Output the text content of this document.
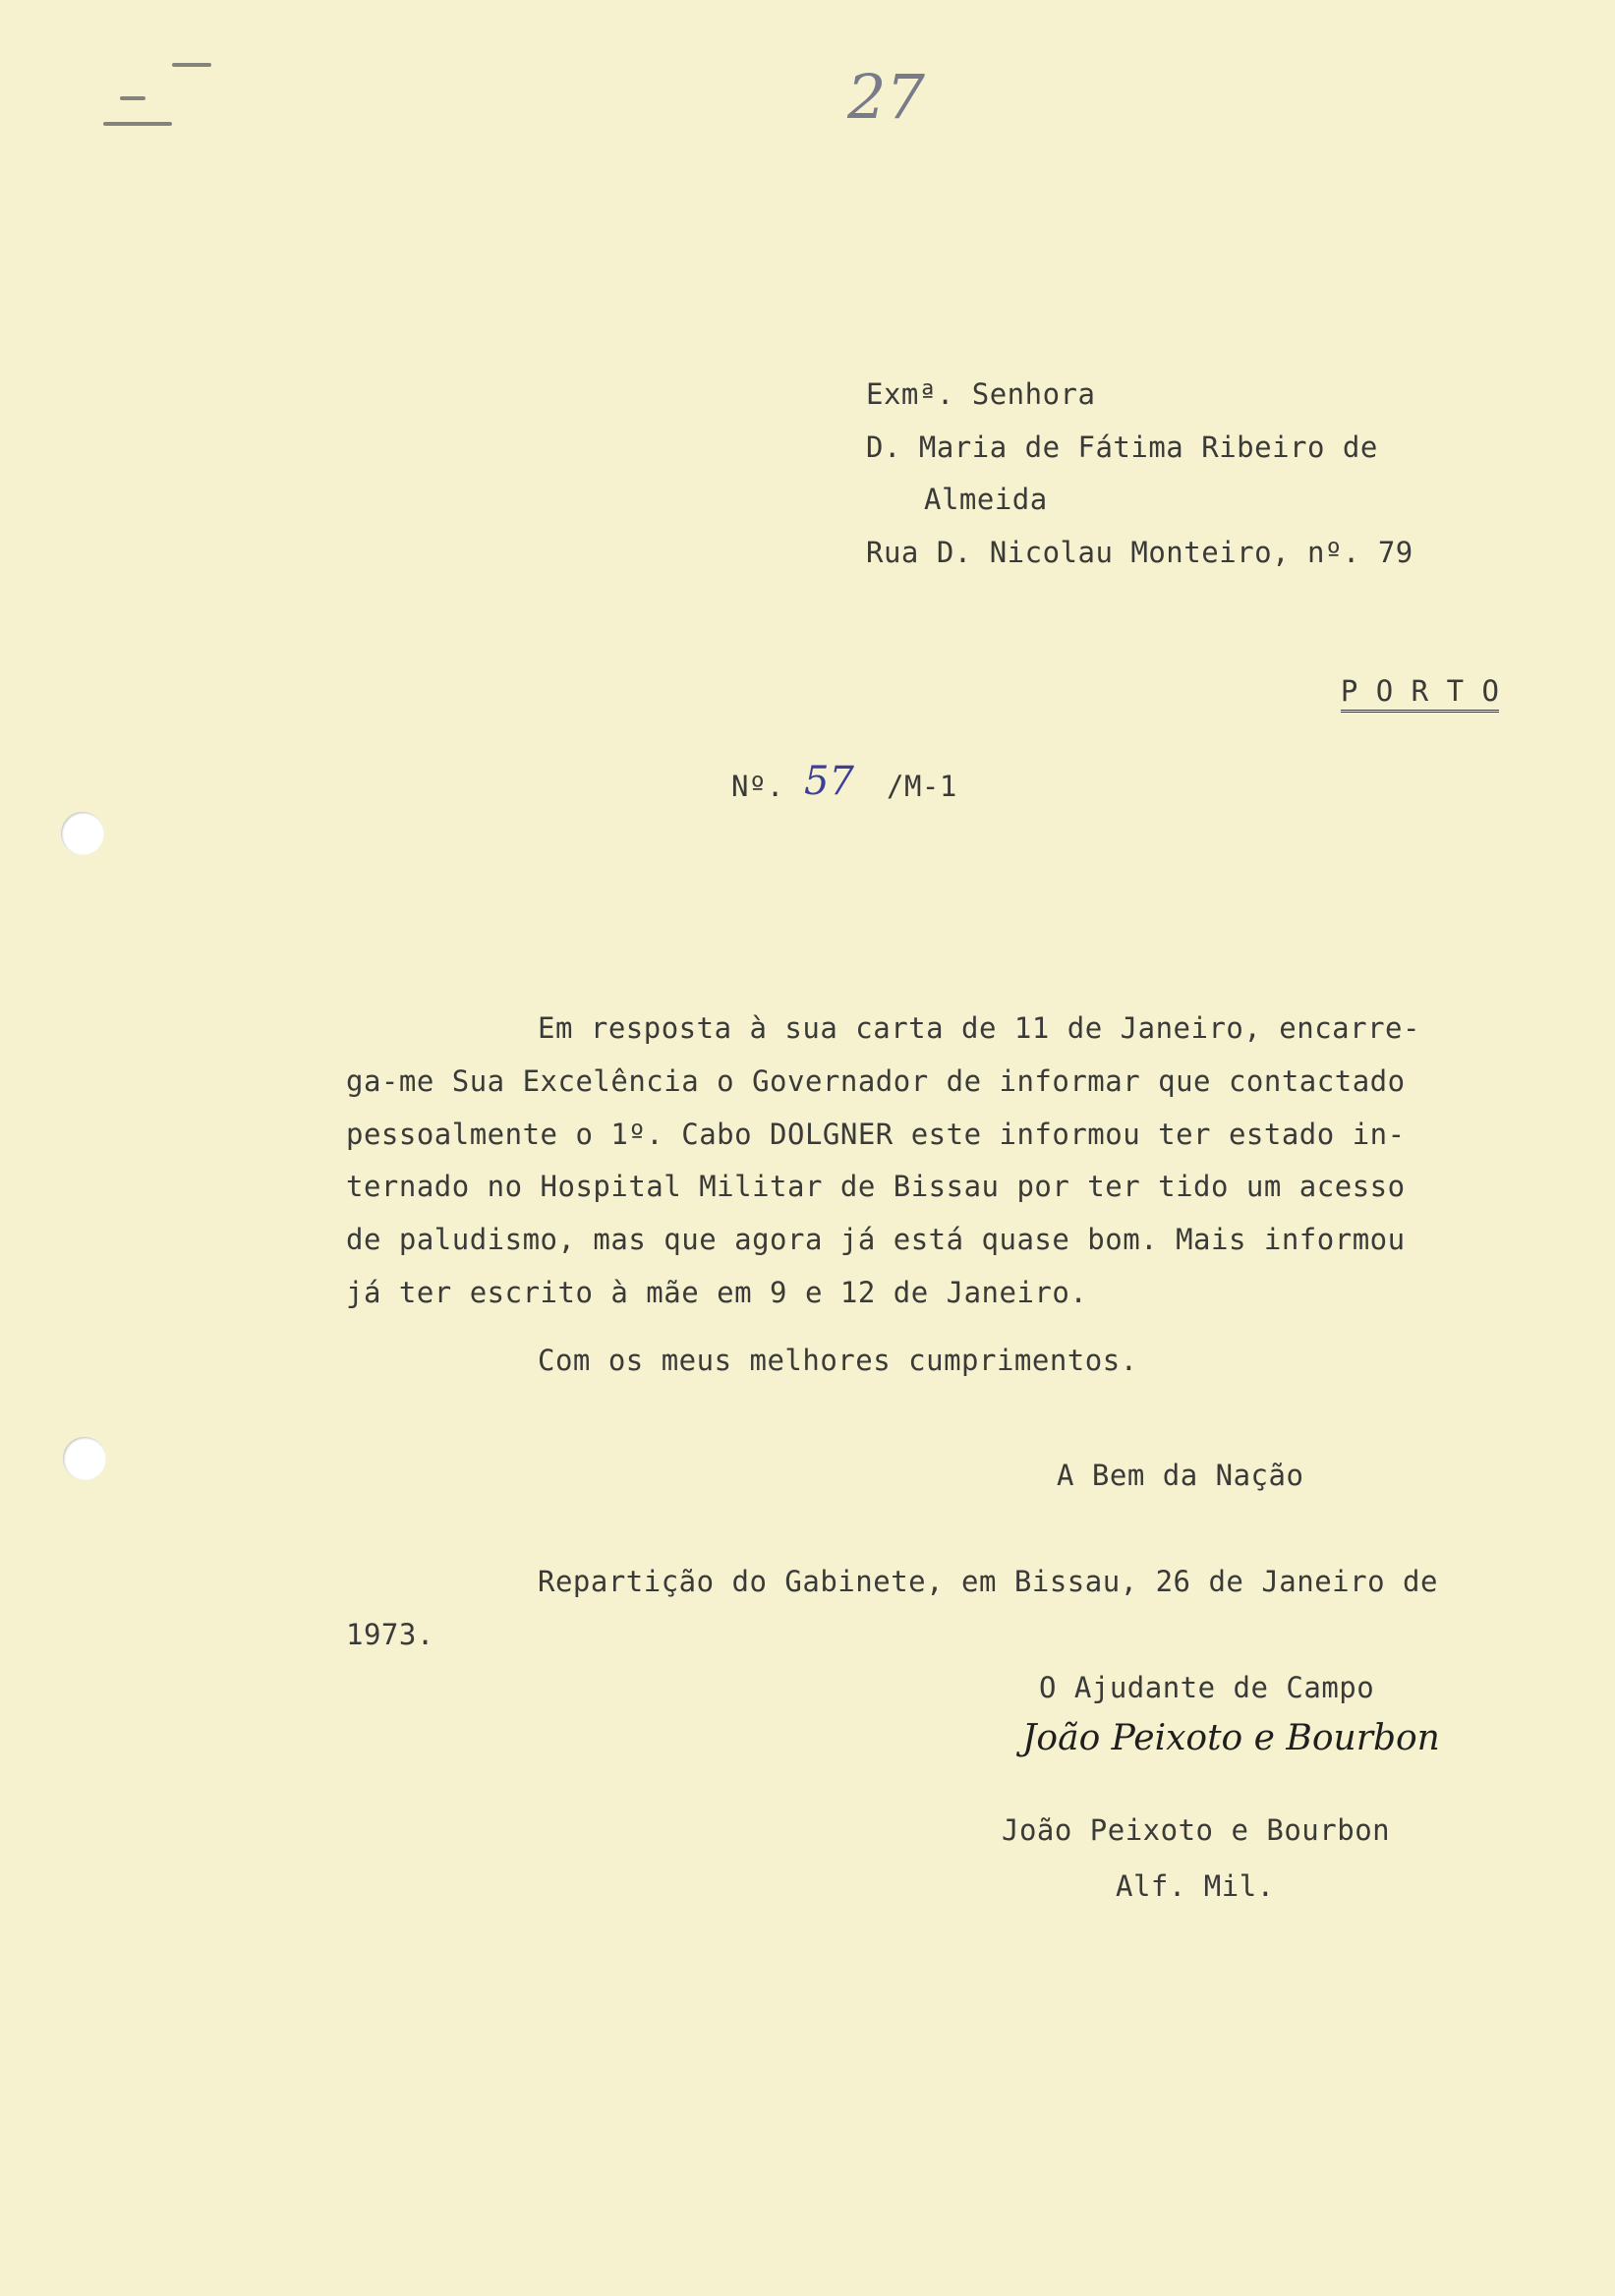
27
Exmª. Senhora
D. Maria de Fátima Ribeiro de
Almeida
Rua D. Nicolau Monteiro, nº. 79

P O R T O

Nº. 57 /M-1
Em resposta à sua carta de 11 de Janeiro, encarre-
ga-me Sua Excelência o Governador de informar que contactado
pessoalmente o 1º. Cabo DOLGNER este informou ter estado in-
ternado no Hospital Militar de Bissau por ter tido um acesso
de paludismo, mas que agora já está quase bom. Mais informou
já ter escrito à mãe em 9 e 12 de Janeiro.
Com os meus melhores cumprimentos.
A Bem da Nação
Repartição do Gabinete, em Bissau, 26 de Janeiro de
1973.
O Ajudante de Campo
João Peixoto e Bourbon
João Peixoto e Bourbon
Alf. Mil.
